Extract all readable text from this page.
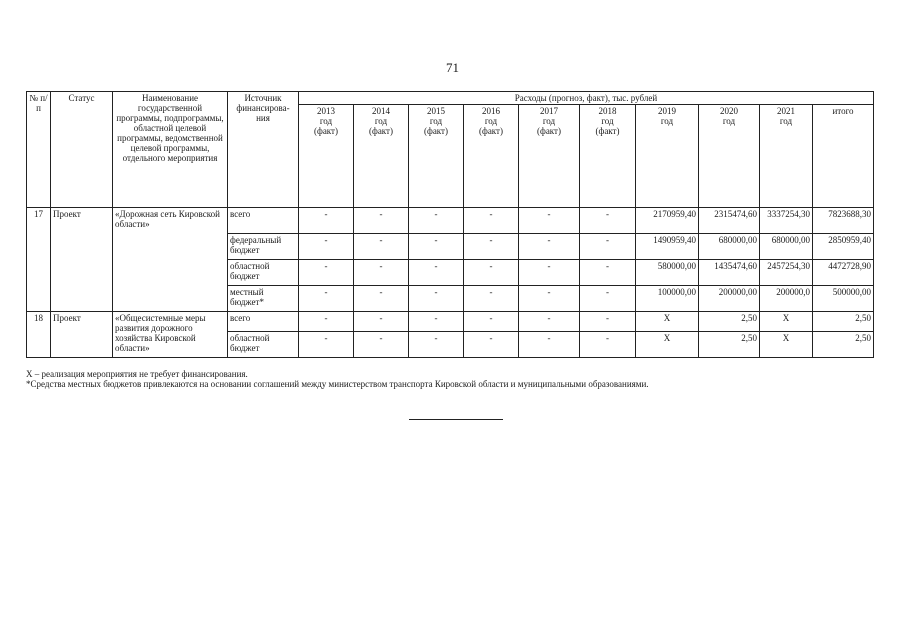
71
№ п/п	Статус	Наименование государственной программы, подпрограммы, областной целевой программы, ведомственной целевой программы, отдельного мероприятия	Источник финансирова-ния	Расходы (прогноз, факт), тыс. рублей									
				2013
год
(факт)	2014
год
(факт)	2015
год
(факт)	2016
год
(факт)	2017
год
(факт)	2018
год
(факт)	2019
год	2020
год	2021
год	итого
17	Проект	«Дорожная сеть Кировской области»	всего	-	-	-	-	-	-	2170959,40	2315474,60	3337254,30	7823688,30
			федеральный бюджет	-	-	-	-	-	-	1490959,40	680000,00	680000,00	2850959,40
			областной бюджет	-	-	-	-	-	-	580000,00	1435474,60	2457254,30	4472728,90
			местный бюджет*	-	-	-	-	-	-	100000,00	200000,00	200000,0	500000,00
18	Проект	«Общесистемные меры развития дорожного хозяйства Кировской области»	всего	-	-	-	-	-	-	Х	2,50	Х	2,50
			областной бюджет	-	-	-	-	-	-	Х	2,50	Х	2,50
Х – реализация мероприятия не требует финансирования.
*Средства местных бюджетов привлекаются на основании соглашений между министерством транспорта Кировской области и муниципальными образованиями.
